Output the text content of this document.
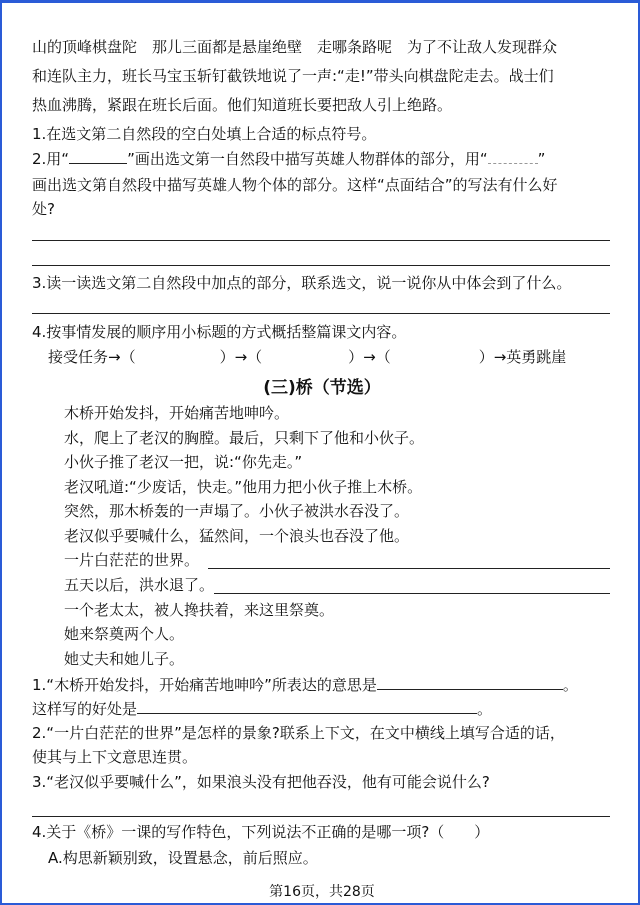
山的顶峰棋盘陀　那儿三面都是悬崖绝壁　走哪条路呢　为了不让敌人发现群众
和连队主力，班长马宝玉斩钉截铁地说了一声:“走!”带头向棋盘陀走去。战士们
热血沸腾，紧跟在班长后面。他们知道班长要把敌人引上绝路。
1.在选文第二自然段的空白处填上合适的标点符号。
2.用“	”画出选文第一自然段中描写英雄人物群体的部分，用“	”
画出选文第自然段中描写英雄人物个体的部分。这样“点面结合”的写法有什么好
处?
3.读一读选文第二自然段中加点的部分，联系选文，说一说你从中体会到了什么。
4.按事情发展的顺序用小标题的方式概括整篇课文内容。
接受任务→（	）→（	）→（	）→英勇跳崖
(三)桥（节选）
木桥开始发抖，开始痛苦地呻吟。
水，爬上了老汉的胸膛。最后，只剩下了他和小伙子。
小伙子推了老汉一把，说:“你先走。”
老汉吼道:“少废话，快走。”他用力把小伙子推上木桥。
突然，那木桥轰的一声塌了。小伙子被洪水吞没了。
老汉似乎要喊什么，猛然间，一个浪头也吞没了他。
一片白茫茫的世界。
五天以后，洪水退了。
一个老太太，被人搀扶着，来这里祭奠。
她来祭奠两个人。
她丈夫和她儿子。
1.“木桥开始发抖，开始痛苦地呻吟”所表达的意思是	。
这样写的好处是	。
2.“一片白茫茫的世界”是怎样的景象?联系上下文，在文中横线上填写合适的话，
使其与上下文意思连贯。
3.“老汉似乎要喊什么”，如果浪头没有把他吞没，他有可能会说什么?
4.关于《桥》一课的写作特色，下列说法不正确的是哪一项?（　　）
A.构思新颖别致，设置悬念，前后照应。
第16页，共28页
